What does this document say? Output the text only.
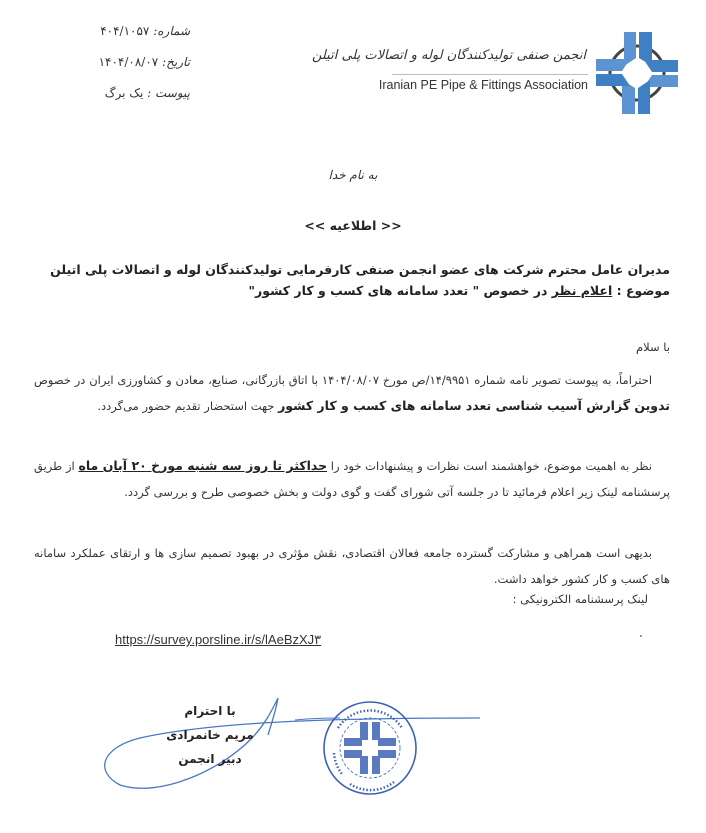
شماره: ۴۰۴/۱۰۵۷
تاریخ: ۱۴۰۴/۰۸/۰۷
پیوست : یک برگ
انجمن صنفی تولیدکنندگان لوله و اتصالات پلی اتیلن
Iranian PE Pipe & Fittings Association
به نام خدا
<< اطلاعیه >>
مدیران عامل محترم شرکت های عضو انجمن صنفی کارفرمایی تولیدکنندگان لوله و اتصالات پلی اتیلن
موضوع : اعلام نظر در خصوص " تعدد سامانه های کسب و کار کشور"
با سلام
احتراماً، به پیوست تصویر نامه شماره ۱۴/۹۹۵۱/ص مورخ ۱۴۰۴/۰۸/۰۷ با اتاق بازرگانی، صنایع، معادن و کشاورزی ایران در خصوص تدوین گزارش آسیب شناسی تعدد سامانه های کسب و کار کشور جهت استحضار تقدیم حضور می‌گردد.
نظر به اهمیت موضوع، خواهشمند است نظرات و پیشنهادات خود را حداکثر تا روز سه شنبه مورخ ۲۰ آبان ماه از طریق پرسشنامه لینک زیر اعلام فرمائید تا در جلسه آتی شورای گفت و گوی دولت و بخش خصوصی طرح و بررسی گردد.
بدیهی است همراهی و مشارکت گسترده جامعه فعالان اقتصادی، نقش مؤثری در بهبود تصمیم سازی ها و ارتقای عملکرد سامانه های کسب و کار کشور خواهد داشت.
لینک پرسشنامه الکترونیکی :
https://survey.porsline.ir/s/lAeBzXJ۳
با احترام
مریم خانمرادی
دبیر انجمن
